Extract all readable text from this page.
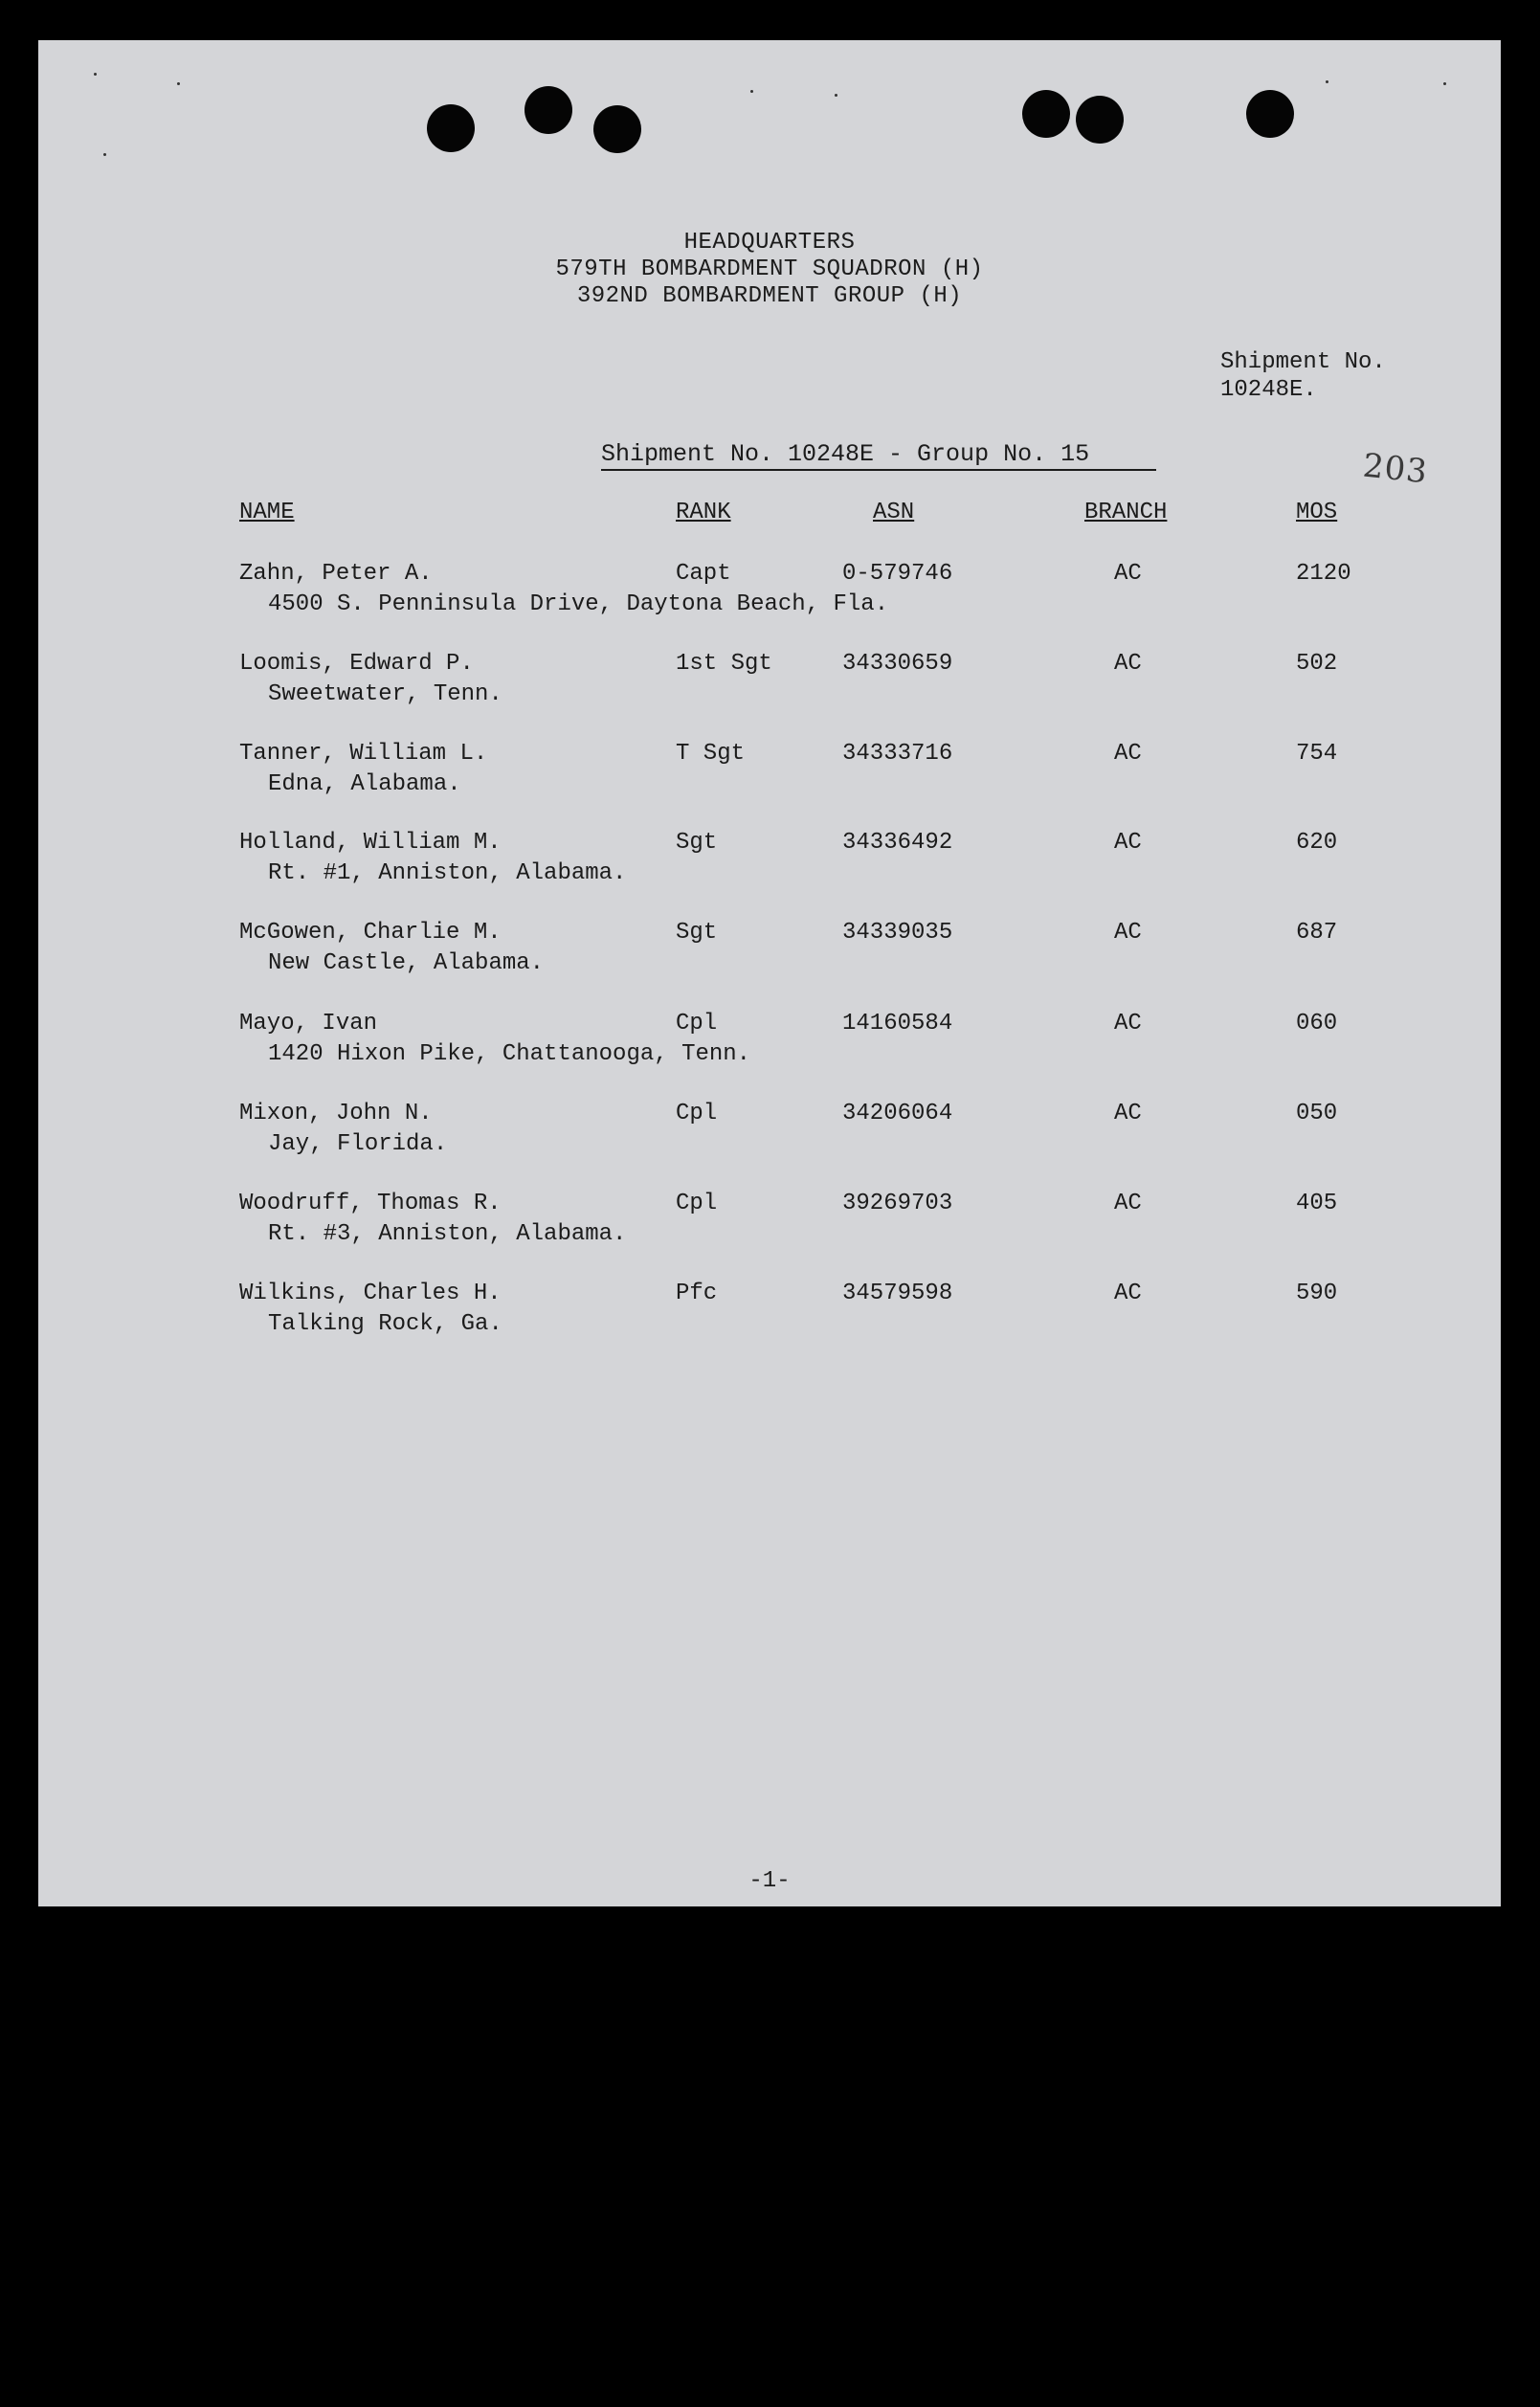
HEADQUARTERS
579TH BOMBARDMENT SQUADRON (H)
392ND BOMBARDMENT GROUP (H)
Shipment No.
10248E.
203
Shipment No. 10248E - Group No. 15
NAME	RANK	ASN	BRANCH	MOS
Zahn, Peter A.	Capt	0-579746	AC	2120
4500 S. Penninsula Drive, Daytona Beach, Fla.
Loomis, Edward P.	1st Sgt	34330659	AC	502
Sweetwater, Tenn.
Tanner, William L.	T Sgt	34333716	AC	754
Edna, Alabama.
Holland, William M.	Sgt	34336492	AC	620
Rt. #1, Anniston, Alabama.
McGowen, Charlie M.	Sgt	34339035	AC	687
New Castle, Alabama.
Mayo, Ivan	Cpl	14160584	AC	060
1420 Hixon Pike, Chattanooga, Tenn.
Mixon, John N.	Cpl	34206064	AC	050
Jay, Florida.
Woodruff, Thomas R.	Cpl	39269703	AC	405
Rt. #3, Anniston, Alabama.
Wilkins, Charles H.	Pfc	34579598	AC	590
Talking Rock, Ga.
-1-
